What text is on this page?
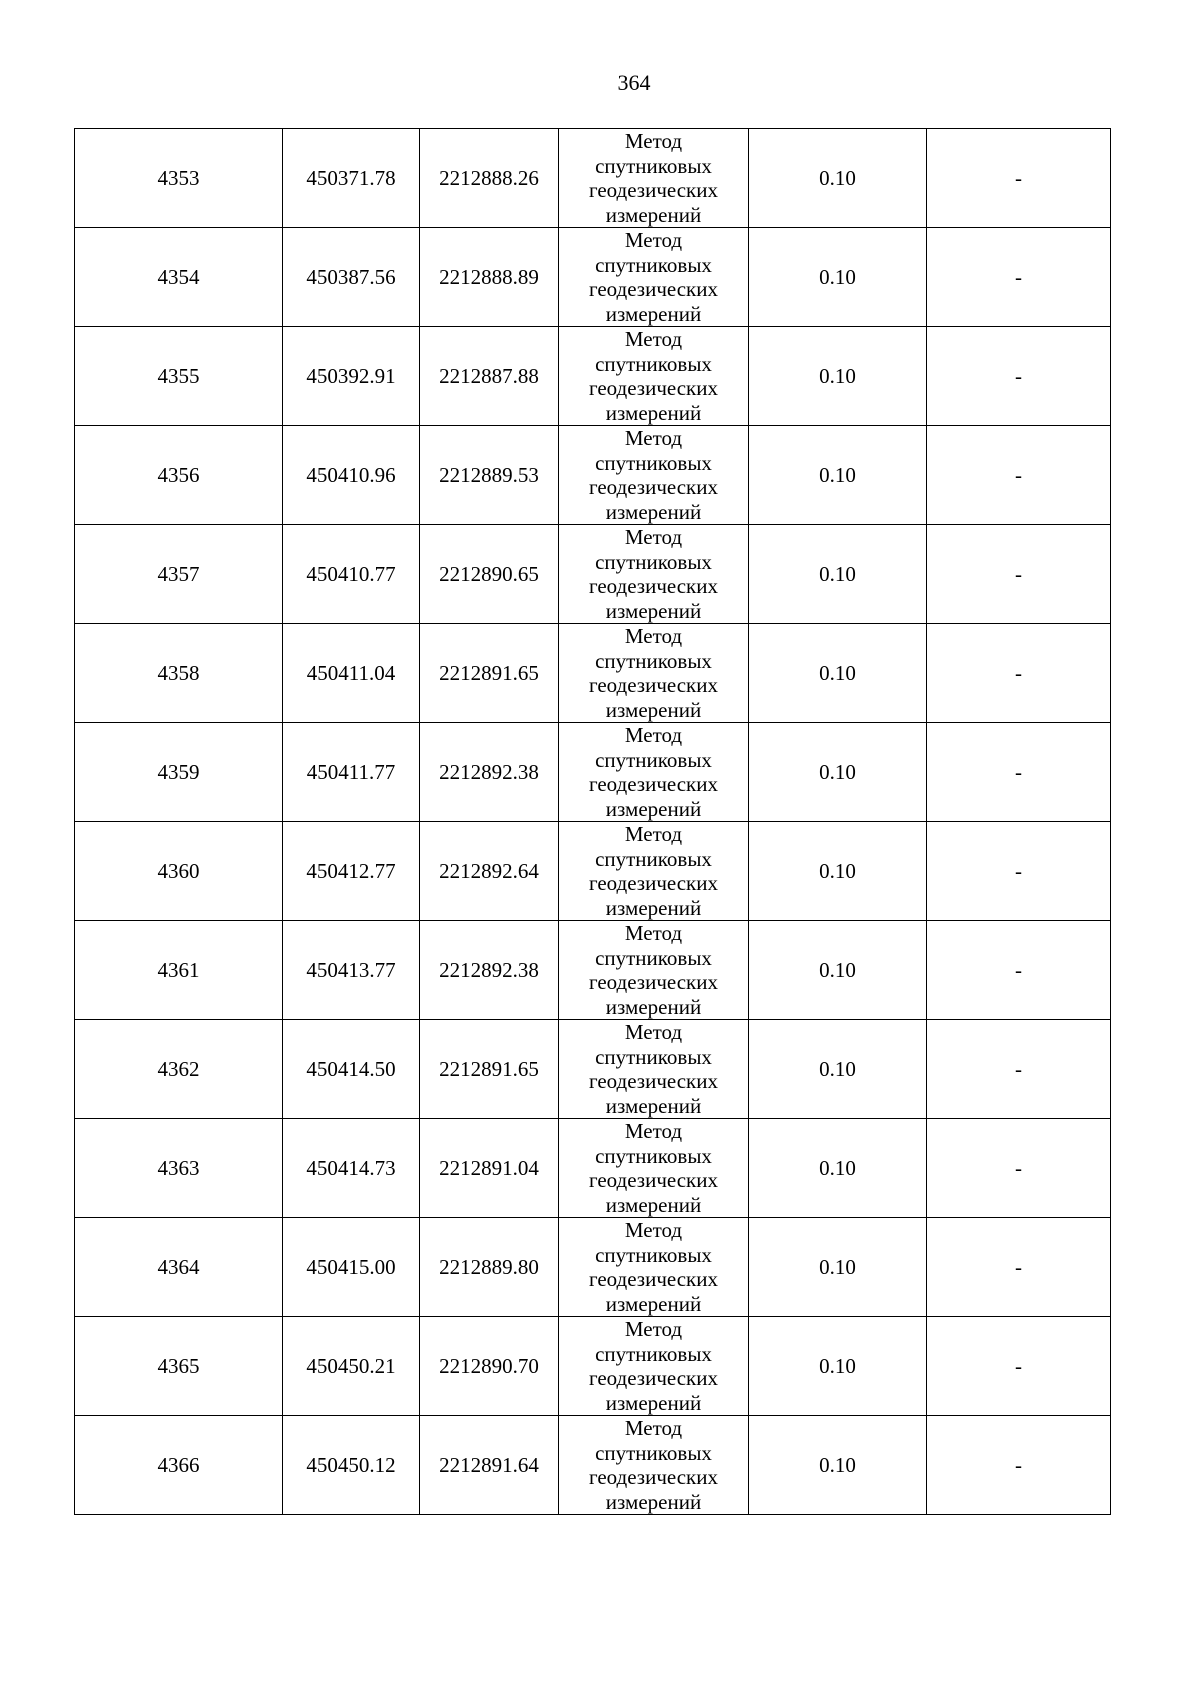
364
4353	450371.78	2212888.26	Метод
спутниковых
геодезических
измерений	0.10	-
4354	450387.56	2212888.89	Метод
спутниковых
геодезических
измерений	0.10	-
4355	450392.91	2212887.88	Метод
спутниковых
геодезических
измерений	0.10	-
4356	450410.96	2212889.53	Метод
спутниковых
геодезических
измерений	0.10	-
4357	450410.77	2212890.65	Метод
спутниковых
геодезических
измерений	0.10	-
4358	450411.04	2212891.65	Метод
спутниковых
геодезических
измерений	0.10	-
4359	450411.77	2212892.38	Метод
спутниковых
геодезических
измерений	0.10	-
4360	450412.77	2212892.64	Метод
спутниковых
геодезических
измерений	0.10	-
4361	450413.77	2212892.38	Метод
спутниковых
геодезических
измерений	0.10	-
4362	450414.50	2212891.65	Метод
спутниковых
геодезических
измерений	0.10	-
4363	450414.73	2212891.04	Метод
спутниковых
геодезических
измерений	0.10	-
4364	450415.00	2212889.80	Метод
спутниковых
геодезических
измерений	0.10	-
4365	450450.21	2212890.70	Метод
спутниковых
геодезических
измерений	0.10	-
4366	450450.12	2212891.64	Метод
спутниковых
геодезических
измерений	0.10	-
